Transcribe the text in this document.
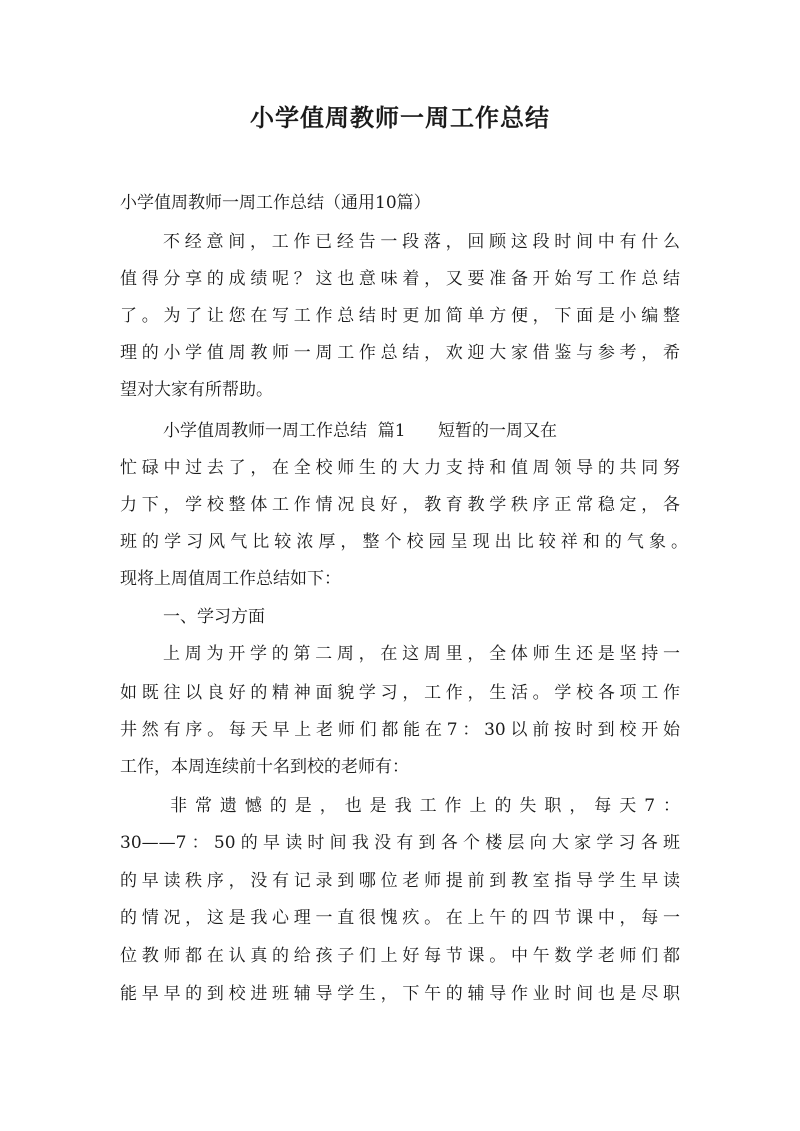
小学值周教师一周工作总结
小学值周教师一周工作总结（通用10篇）
不经意间，工作已经告一段落，回顾这段时间中有什么
值得分享的成绩呢？这也意味着，又要准备开始写工作总结
了。为了让您在写工作总结时更加简单方便，下面是小编整
理的小学值周教师一周工作总结，欢迎大家借鉴与参考，希
望对大家有所帮助。
小学值周教师一周工作总结  篇1      短暂的一周又在
忙碌中过去了，在全校师生的大力支持和值周领导的共同努
力下，学校整体工作情况良好，教育教学秩序正常稳定，各
班的学习风气比较浓厚，整个校园呈现出比较祥和的气象。
现将上周值周工作总结如下：
一、学习方面
上周为开学的第二周，在这周里，全体师生还是坚持一
如既往以良好的精神面貌学习，工作，生活。学校各项工作
井然有序。每天早上老师们都能在7：30以前按时到校开始
工作，本周连续前十名到校的老师有：
非常遗憾的是，也是我工作上的失职，每天7：
30——7：50的早读时间我没有到各个楼层向大家学习各班
的早读秩序，没有记录到哪位老师提前到教室指导学生早读
的情况，这是我心理一直很愧疚。在上午的四节课中，每一
位教师都在认真的给孩子们上好每节课。中午数学老师们都
能早早的到校进班辅导学生，下午的辅导作业时间也是尽职
